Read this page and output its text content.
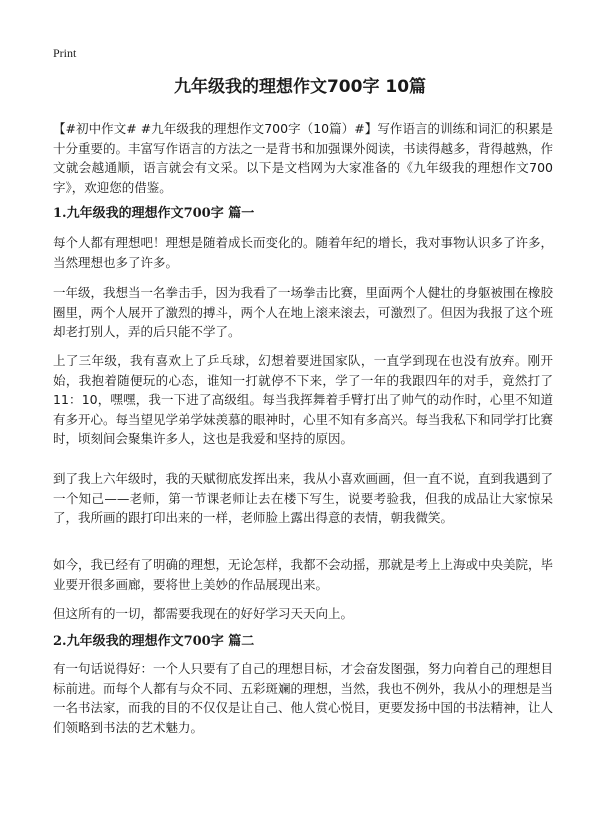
Print
九年级我的理想作文700字 10篇

【#初中作文# #九年级我的理想作文700字（10篇）#】写作语言的训练和词汇的积累是十分重要的。丰富写作语言的方法之一是背书和加强课外阅读，书读得越多，背得越熟，作文就会越通顺，语言就会有文采。以下是文档网为大家准备的《九年级我的理想作文700字》，欢迎您的借鉴。

1.九年级我的理想作文700字 篇一

每个人都有理想吧！理想是随着成长而变化的。随着年纪的增长，我对事物认识多了许多，当然理想也多了许多。

一年级，我想当一名拳击手，因为我看了一场拳击比赛，里面两个人健壮的身躯被围在橡胶圈里，两个人展开了激烈的搏斗，两个人在地上滚来滚去，可激烈了。但因为我报了这个班却老打别人，弄的后只能不学了。

上了三年级，我有喜欢上了乒乓球，幻想着要进国家队，一直学到现在也没有放弃。刚开始，我抱着随便玩的心态，谁知一打就停不下来，学了一年的我跟四年的对手，竟然打了11：10，嘿嘿，我一下进了高级组。每当我挥舞着手臂打出了帅气的动作时，心里不知道有多开心。每当望见学弟学妹羡慕的眼神时，心里不知有多高兴。每当我私下和同学打比赛时，顷刻间会聚集许多人，这也是我爱和坚持的原因。

到了我上六年级时，我的天赋彻底发挥出来，我从小喜欢画画，但一直不说，直到我遇到了一个知己——老师，第一节课老师让去在楼下写生，说要考验我，但我的成品让大家惊呆了，我所画的跟打印出来的一样，老师脸上露出得意的表情，朝我微笑。

如今，我已经有了明确的理想，无论怎样，我都不会动摇，那就是考上上海或中央美院，毕业要开很多画廊，要将世上美妙的作品展现出来。

但这所有的一切，都需要我现在的好好学习天天向上。

2.九年级我的理想作文700字 篇二

有一句话说得好：一个人只要有了自己的理想目标，才会奋发图强，努力向着自己的理想目标前进。而每个人都有与众不同、五彩斑斓的理想，当然，我也不例外，我从小的理想是当一名书法家，而我的目的不仅仅是让自己、他人赏心悦目，更要发扬中国的书法精神，让人们领略到书法的艺术魅力。
